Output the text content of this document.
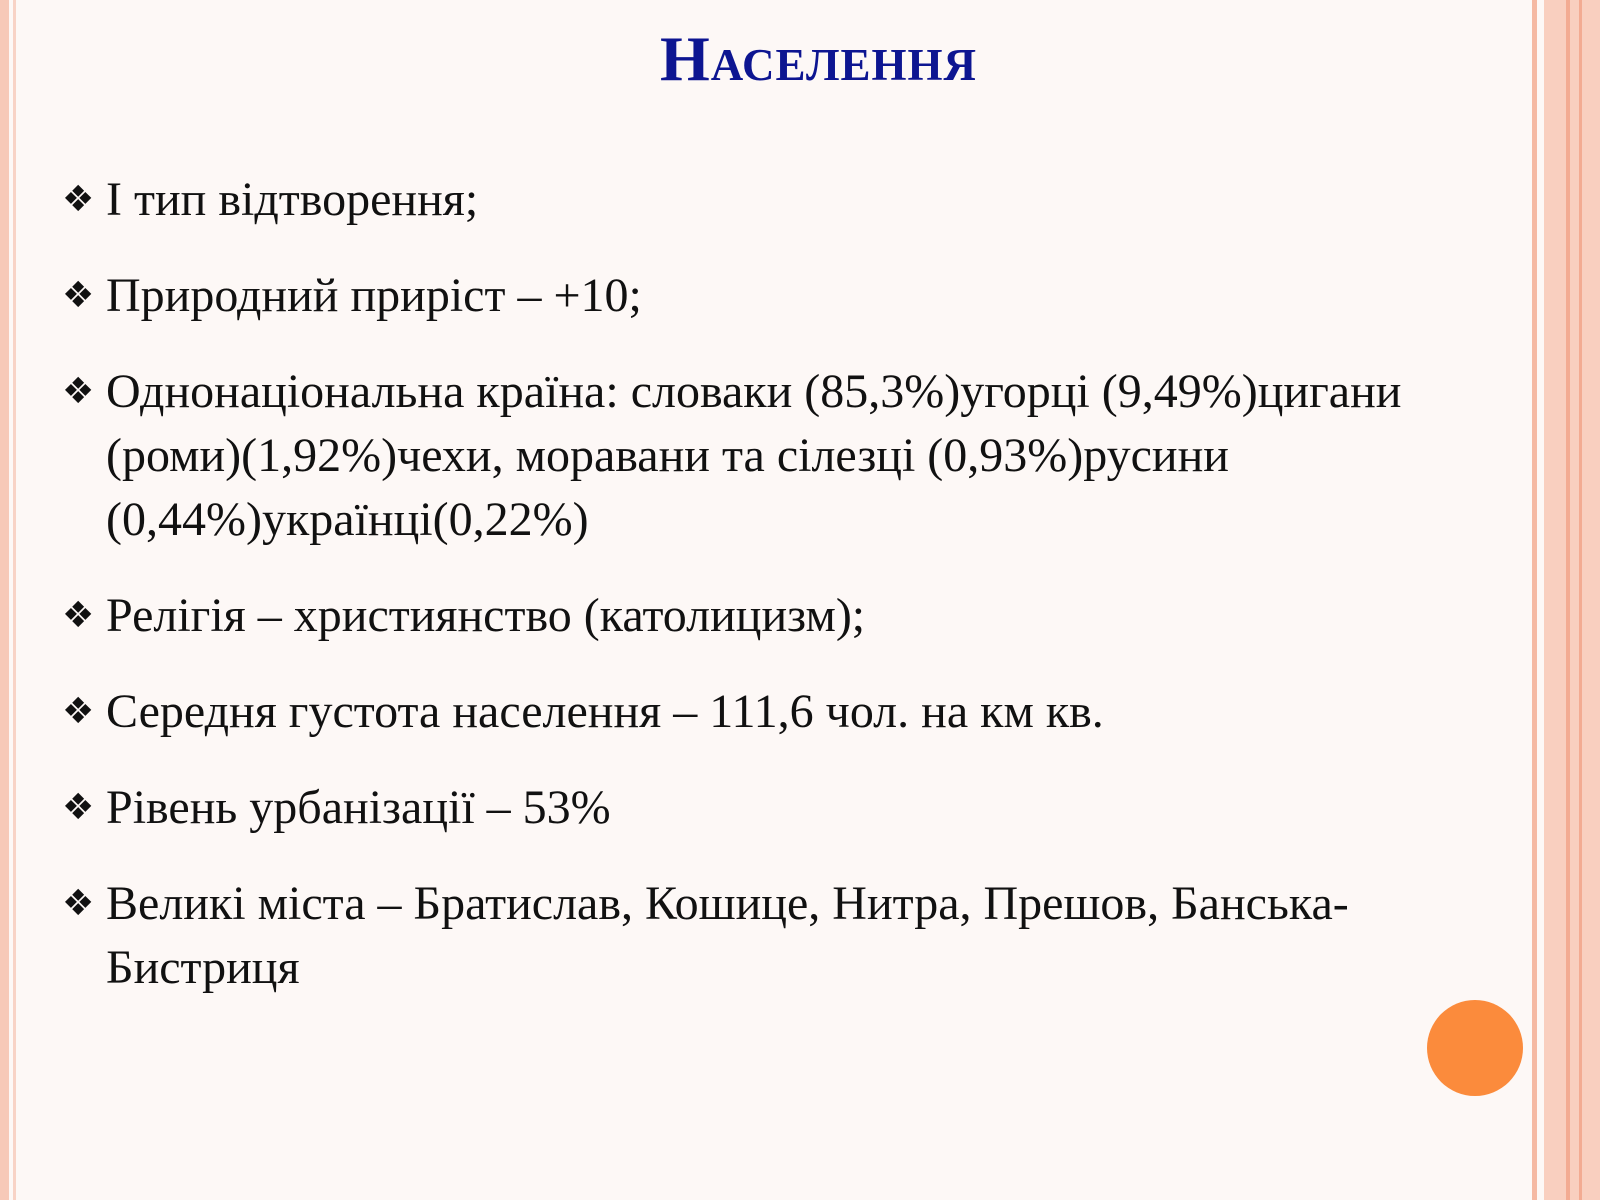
Населення
❖ І тип відтворення;
❖ Природний приріст – +10;
❖ Однонаціональна країна: словаки (85,3%)угорці (9,49%)цигани (роми)(1,92%)чехи, моравани та сілезці (0,93%)русини (0,44%)українці(0,22%)
❖ Релігія – християнство (католицизм);
❖ Середня густота населення – 111,6 чол. на км кв.
❖ Рівень урбанізації – 53%
❖ Великі міста – Братислав, Кошице, Нитра, Прешов, Банська-Бистриця
